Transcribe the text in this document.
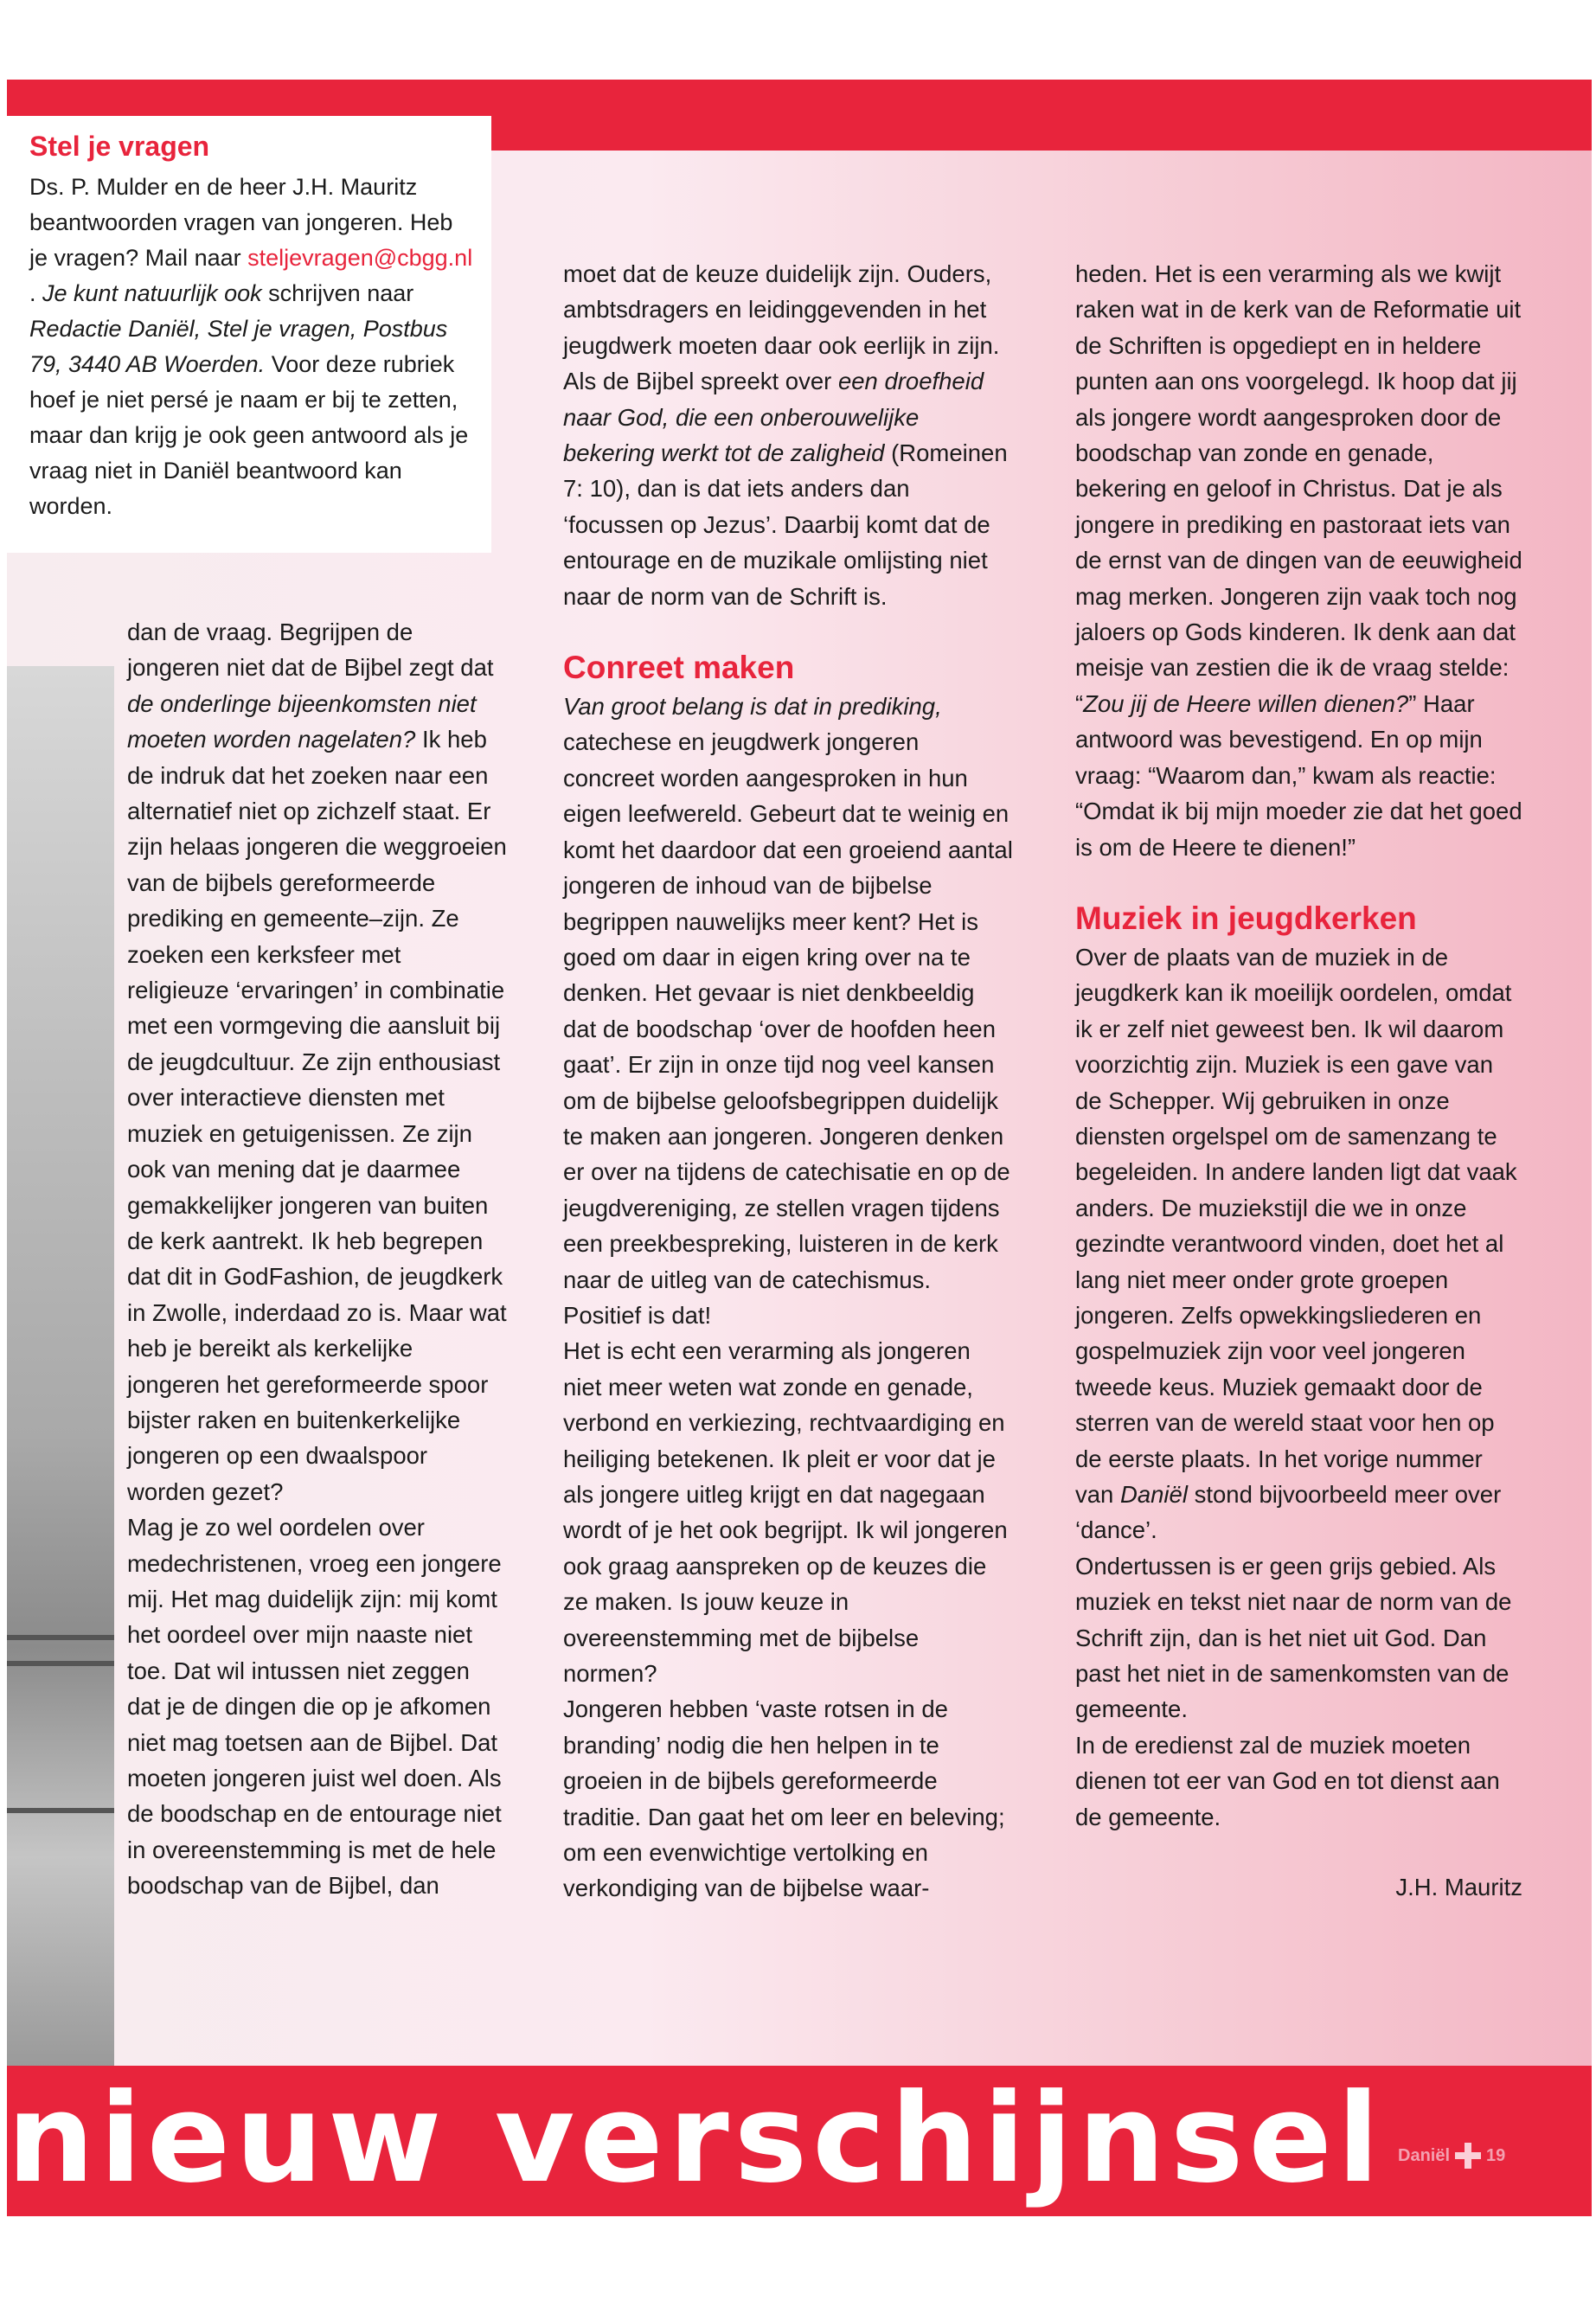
Stel je vragen

Ds. P. Mulder en de heer J.H. Mauritz beantwoorden vragen van jongeren. Heb je vragen? Mail naar steljevragen@cbgg.nl . Je kunt natuurlijk ook schrijven naar Redactie Daniël, Stel je vragen, Postbus 79, 3440 AB Woerden. Voor deze rubriek hoef je niet persé je naam er bij te zetten, maar dan krijg je ook geen antwoord als je vraag niet in Daniël beantwoord kan worden.

dan de vraag. Begrijpen de jongeren niet dat de Bijbel zegt dat de onderlinge bijeenkomsten niet moeten worden nagelaten? Ik heb de indruk dat het zoeken naar een alternatief niet op zichzelf staat. Er zijn helaas jongeren die weggroeien van de bijbels gereformeerde prediking en gemeente–zijn. Ze zoeken een kerksfeer met religieuze ‘ervaringen’ in combinatie met een vormgeving die aansluit bij de jeugdcultuur. Ze zijn enthousiast over interactieve diensten met muziek en getuigenissen. Ze zijn ook van mening dat je daarmee gemakkelijker jongeren van buiten de kerk aantrekt. Ik heb begrepen dat dit in GodFashion, de jeugdkerk in Zwolle, inderdaad zo is. Maar wat heb je bereikt als kerkelijke jongeren het gereformeerde spoor bijster raken en buitenkerkelijke jongeren op een dwaalspoor worden gezet?

Mag je zo wel oordelen over medechristenen, vroeg een jongere mij. Het mag duidelijk zijn: mij komt het oordeel over mijn naaste niet toe. Dat wil intussen niet zeggen dat je de dingen die op je afkomen niet mag toetsen aan de Bijbel. Dat moeten jongeren juist wel doen. Als de boodschap en de entourage niet in overeenstemming is met de hele boodschap van de Bijbel, dan

moet dat de keuze duidelijk zijn. Ouders, ambtsdragers en leidinggevenden in het jeugdwerk moeten daar ook eerlijk in zijn. Als de Bijbel spreekt over een droefheid naar God, die een onberouwelijke bekering werkt tot de zaligheid (Romeinen 7: 10), dan is dat iets anders dan ‘focussen op Jezus’. Daarbij komt dat de entourage en de muzikale omlijsting niet naar de norm van de Schrift is.

Conreet maken

Van groot belang is dat in prediking, catechese en jeugdwerk jongeren concreet worden aangesproken in hun eigen leefwereld. Gebeurt dat te weinig en komt het daardoor dat een groeiend aantal jongeren de inhoud van de bijbelse begrippen nauwelijks meer kent? Het is goed om daar in eigen kring over na te denken. Het gevaar is niet denkbeeldig dat de boodschap ‘over de hoofden heen gaat’. Er zijn in onze tijd nog veel kansen om de bijbelse geloofsbegrippen duidelijk te maken aan jongeren. Jongeren denken er over na tijdens de catechisatie en op de jeugdvereniging, ze stellen vragen tijdens een preekbespreking, luisteren in de kerk naar de uitleg van de catechismus. Positief is dat!

Het is echt een verarming als jongeren niet meer weten wat zonde en genade, verbond en verkiezing, rechtvaardiging en heiliging betekenen. Ik pleit er voor dat je als jongere uitleg krijgt en dat nagegaan wordt of je het ook begrijpt. Ik wil jongeren ook graag aanspreken op de keuzes die ze maken. Is jouw keuze in overeenstemming met de bijbelse normen?

Jongeren hebben ‘vaste rotsen in de branding’ nodig die hen helpen in te groeien in de bijbels gereformeerde traditie. Dan gaat het om leer en beleving; om een evenwichtige vertolking en verkondiging van de bijbelse waar-

heden. Het is een verarming als we kwijt raken wat in de kerk van de Reformatie uit de Schriften is opgediept en in heldere punten aan ons voorgelegd. Ik hoop dat jij als jongere wordt aangesproken door de boodschap van zonde en genade, bekering en geloof in Christus. Dat je als jongere in prediking en pastoraat iets van de ernst van de dingen van de eeuwigheid mag merken. Jongeren zijn vaak toch nog jaloers op Gods kinderen. Ik denk aan dat meisje van zestien die ik de vraag stelde: “Zou jij de Heere willen dienen?” Haar antwoord was bevestigend. En op mijn vraag: “Waarom dan,” kwam als reactie: “Omdat ik bij mijn moeder zie dat het goed is om de Heere te dienen!”

Muziek in jeugdkerken

Over de plaats van de muziek in de jeugdkerk kan ik moeilijk oordelen, omdat ik er zelf niet geweest ben. Ik wil daarom voorzichtig zijn. Muziek is een gave van de Schepper. Wij gebruiken in onze diensten orgelspel om de samenzang te begeleiden. In andere landen ligt dat vaak anders. De muziekstijl die we in onze gezindte verantwoord vinden, doet het al lang niet meer onder grote groepen jongeren. Zelfs opwekkingsliederen en gospelmuziek zijn voor veel jongeren tweede keus. Muziek gemaakt door de sterren van de wereld staat voor hen op de eerste plaats. In het vorige nummer van Daniël stond bijvoorbeeld meer over ‘dance’.

Ondertussen is er geen grijs gebied. Als muziek en tekst niet naar de norm van de Schrift zijn, dan is het niet uit God. Dan past het niet in de samenkomsten van de gemeente.

In de eredienst zal de muziek moeten dienen tot eer van God en tot dienst aan de gemeente.

J.H. Mauritz

nieuw verschijnsel Daniël 19
